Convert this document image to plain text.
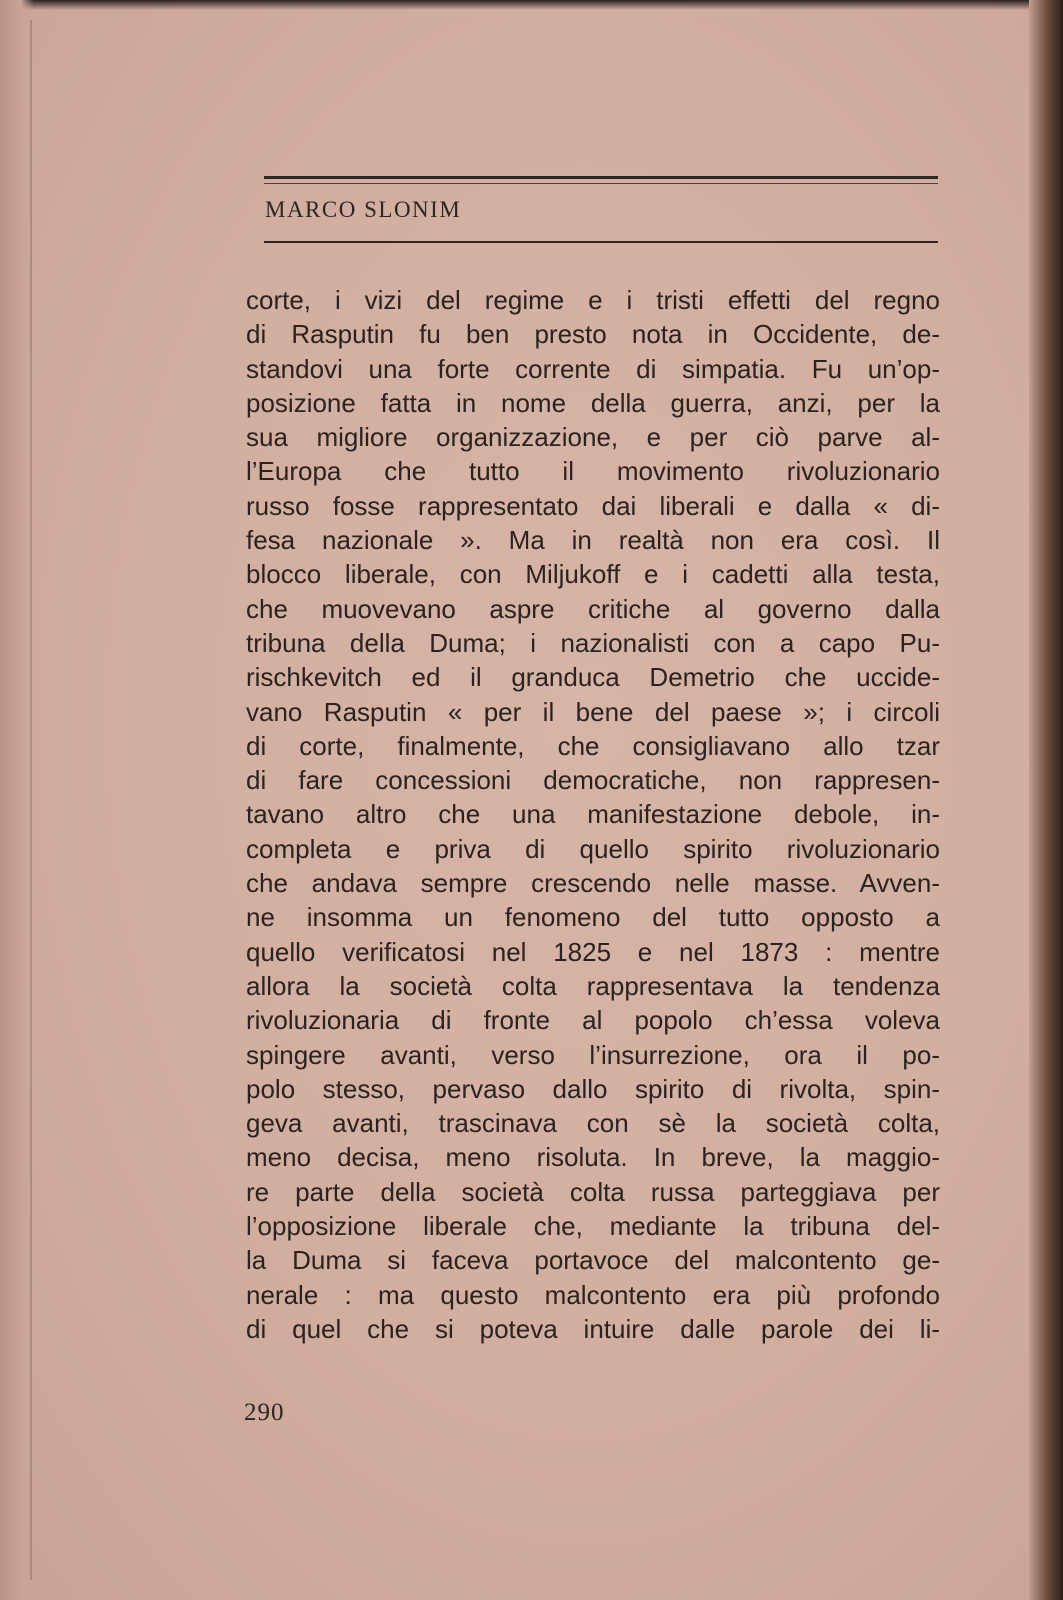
MARCO SLONIM

corte, i vizi del regime e i tristi effetti del regno
di Rasputin fu ben presto nota in Occidente, de-
standovi una forte corrente di simpatia. Fu un’op-
posizione fatta in nome della guerra, anzi, per la
sua migliore organizzazione, e per ciò parve al-
l’Europa che tutto il movimento rivoluzionario
russo fosse rappresentato dai liberali e dalla « di-
fesa nazionale ». Ma in realtà non era così. Il
blocco liberale, con Miljukoff e i cadetti alla testa,
che muovevano aspre critiche al governo dalla
tribuna della Duma; i nazionalisti con a capo Pu-
rischkevitch ed il granduca Demetrio che uccide-
vano Rasputin « per il bene del paese »; i circoli
di corte, finalmente, che consigliavano allo tzar
di fare concessioni democratiche, non rappresen-
tavano altro che una manifestazione debole, in-
completa e priva di quello spirito rivoluzionario
che andava sempre crescendo nelle masse. Avven-
ne insomma un fenomeno del tutto opposto a
quello verificatosi nel 1825 e nel 1873 : mentre
allora la società colta rappresentava la tendenza
rivoluzionaria di fronte al popolo ch’essa voleva
spingere avanti, verso l’insurrezione, ora il po-
polo stesso, pervaso dallo spirito di rivolta, spin-
geva avanti, trascinava con sè la società colta,
meno decisa, meno risoluta. In breve, la maggio-
re parte della società colta russa parteggiava per
l’opposizione liberale che, mediante la tribuna del-
la Duma si faceva portavoce del malcontento ge-
nerale : ma questo malcontento era più profondo
di quel che si poteva intuire dalle parole dei li-

290
